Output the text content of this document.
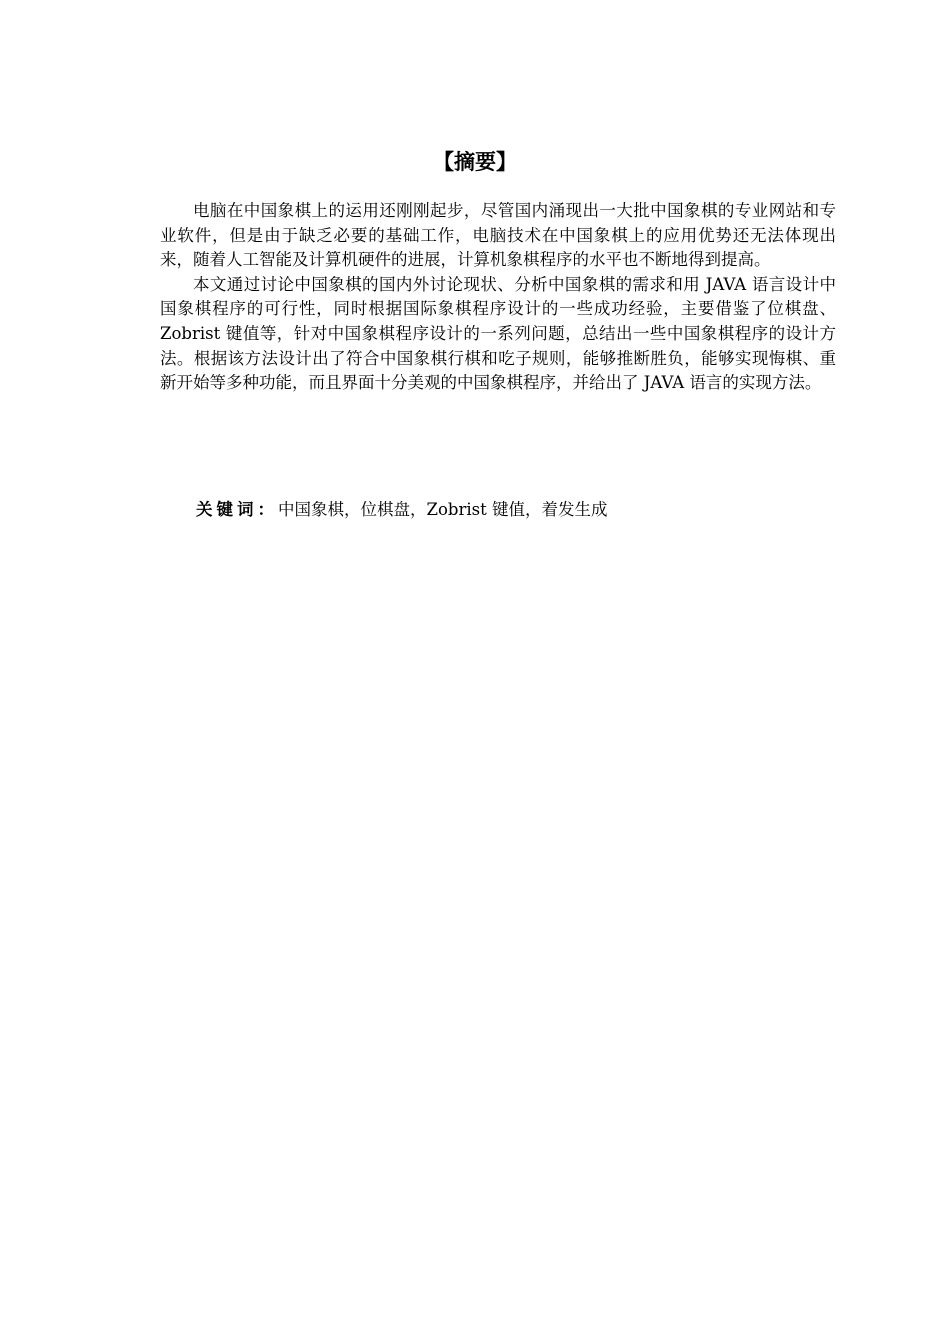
【摘要】

电脑在中国象棋上的运用还刚刚起步，尽管国内涌现出一大批中国象棋的专业网站和专业软件，但是由于缺乏必要的基础工作，电脑技术在中国象棋上的应用优势还无法体现出来，随着人工智能及计算机硬件的进展，计算机象棋程序的水平也不断地得到提高。

本文通过讨论中国象棋的国内外讨论现状、分析中国象棋的需求和用 JAVA 语言设计中国象棋程序的可行性，同时根据国际象棋程序设计的一些成功经验，主要借鉴了位棋盘、Zobrist 键值等，针对中国象棋程序设计的一系列问题，总结出一些中国象棋程序的设计方法。根据该方法设计出了符合中国象棋行棋和吃子规则，能够推断胜负，能够实现悔棋、重新开始等多种功能，而且界面十分美观的中国象棋程序，并给出了 JAVA 语言的实现方法。

关键词：中国象棋，位棋盘，Zobrist 键值，着发生成
